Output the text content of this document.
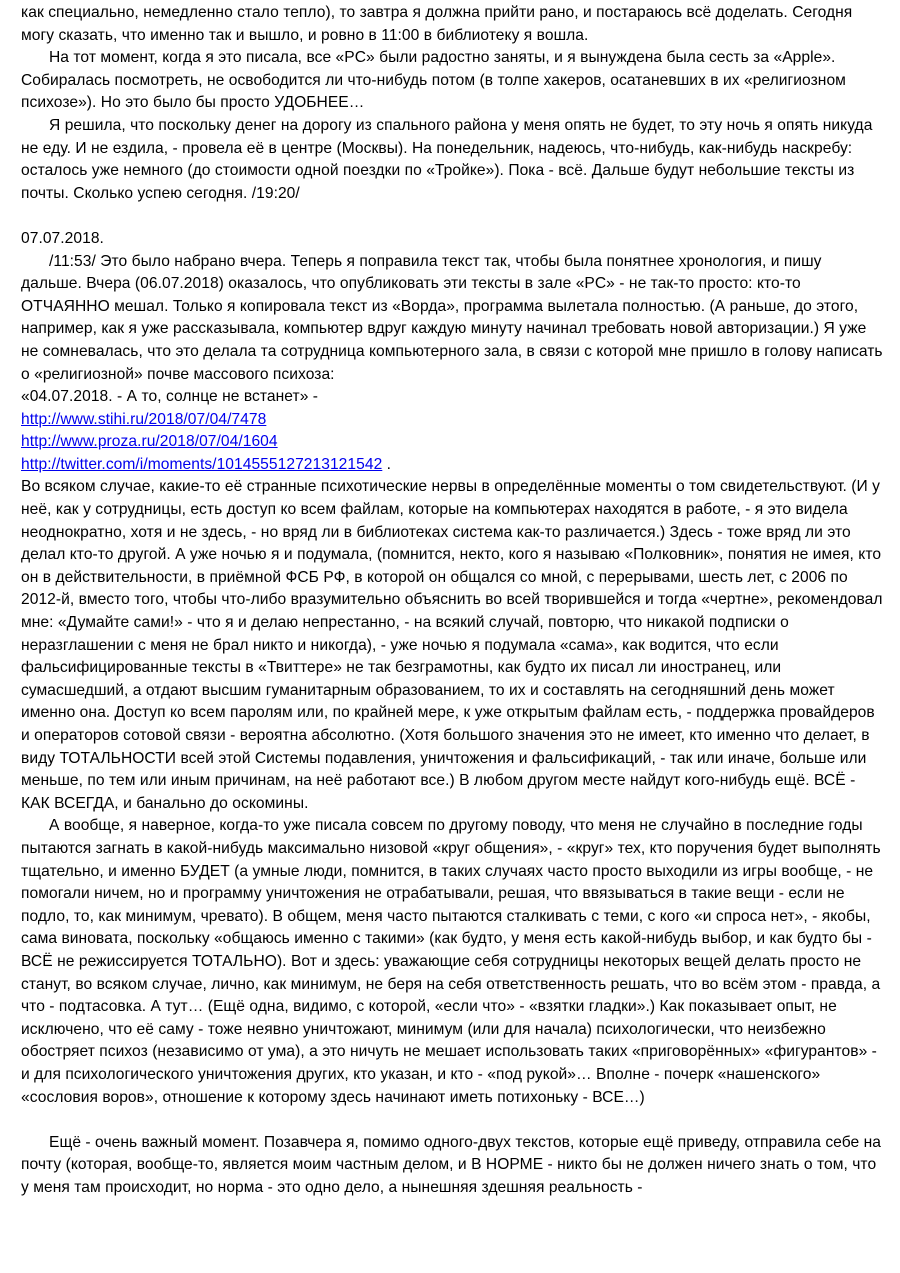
как специально, немедленно стало тепло), то завтра я должна прийти рано, и постараюсь всё доделать. Сегодня могу сказать, что именно так и вышло, и ровно в 11:00 в библиотеку я вошла.

На тот момент, когда я это писала, все «PC» были радостно заняты, и я вынуждена была сесть за «Apple». Собиралась посмотреть, не освободится ли что-нибудь потом (в толпе хакеров, осатаневших в их «религиозном психозе»). Но это было бы просто УДОБНЕЕ…

Я решила, что поскольку денег на дорогу из спального района у меня опять не будет, то эту ночь я опять никуда не еду. И не ездила, - провела её в центре (Москвы). На понедельник, надеюсь, что-нибудь, как-нибудь наскребу: осталось уже немного (до стоимости одной поездки по «Тройке»). Пока - всё. Дальше будут небольшие тексты из почты. Сколько успею сегодня. /19:20/

07.07.2018.

/11:53/ Это было набрано вчера. Теперь я поправила текст так, чтобы была понятнее хронология, и пишу дальше. Вчера (06.07.2018) оказалось, что опубликовать эти тексты в зале «PC» - не так-то просто: кто-то ОТЧАЯННО мешал. Только я копировала текст из «Ворда», программа вылетала полностью. (А раньше, до этого, например, как я уже рассказывала, компьютер вдруг каждую минуту начинал требовать новой авторизации.) Я уже не сомневалась, что это делала та сотрудница компьютерного зала, в связи с которой мне пришло в голову написать о «религиозной» почве массового психоза:

«04.07.2018. - А то, солнце не встанет» -

http://www.stihi.ru/2018/07/04/7478

http://www.proza.ru/2018/07/04/1604

http://twitter.com/i/moments/1014555127213121542 .

Во всяком случае, какие-то её странные психотические нервы в определённые моменты о том свидетельствуют. (И у неё, как у сотрудницы, есть доступ ко всем файлам, которые на компьютерах находятся в работе, - я это видела неоднократно, хотя и не здесь, - но вряд ли в библиотеках система как-то различается.) Здесь - тоже вряд ли это делал кто-то другой. А уже ночью я и подумала, (помнится, некто, кого я называю «Полковник», понятия не имея, кто он в действительности, в приёмной ФСБ РФ, в которой он общался со мной, с перерывами, шесть лет, с 2006 по 2012-й, вместо того, чтобы что-либо вразумительно объяснить во всей творившейся и тогда «чертне», рекомендовал мне: «Думайте сами!» - что я и делаю непрестанно, - на всякий случай, повторю, что никакой подписки о неразглашении с меня не брал никто и никогда), - уже ночью я подумала «сама», как водится, что если фальсифицированные тексты в «Твиттере» не так безграмотны, как будто их писал ли иностранец, или сумасшедший, а отдают высшим гуманитарным образованием, то их и составлять на сегодняшний день может именно она. Доступ ко всем паролям или, по крайней мере, к уже открытым файлам есть, - поддержка провайдеров и операторов сотовой связи - вероятна абсолютно. (Хотя большого значения это не имеет, кто именно что делает, в виду ТОТАЛЬНОСТИ всей этой Системы подавления, уничтожения и фальсификаций, - так или иначе, больше или меньше, по тем или иным причинам, на неё работают все.) В любом другом месте найдут кого-нибудь ещё. ВСЁ - КАК ВСЕГДА, и банально до оскомины.

А вообще, я наверное, когда-то уже писала совсем по другому поводу, что меня не случайно в последние годы пытаются загнать в какой-нибудь максимально низовой «круг общения», - «круг» тех, кто поручения будет выполнять тщательно, и именно БУДЕТ (а умные люди, помнится, в таких случаях часто просто выходили из игры вообще, - не помогали ничем, но и программу уничтожения не отрабатывали, решая, что ввязываться в такие вещи - если не подло, то, как минимум, чревато). В общем, меня часто пытаются сталкивать с теми, с кого «и спроса нет», - якобы, сама виновата, поскольку «общаюсь именно с такими» (как будто, у меня есть какой-нибудь выбор, и как будто бы - ВСЁ не режиссируется ТОТАЛЬНО). Вот и здесь: уважающие себя сотрудницы некоторых вещей делать просто не станут, во всяком случае, лично, как минимум, не беря на себя ответственность решать, что во всём этом - правда, а что - подтасовка. А тут… (Ещё одна, видимо, с которой, «если что» - «взятки гладки».) Как показывает опыт, не исключено, что её саму - тоже неявно уничтожают, минимум (или для начала) психологически, что неизбежно обостряет психоз (независимо от ума), а это ничуть не мешает использовать таких «приговорённых» «фигурантов» - и для психологического уничтожения других, кто указан, и кто - «под рукой»… Вполне - почерк «нашенского» «сословия воров», отношение к которому здесь начинают иметь потихоньку - ВСЕ…)

Ещё - очень важный момент. Позавчера я, помимо одного-двух текстов, которые ещё приведу, отправила себе на почту (которая, вообще-то, является моим частным делом, и В НОРМЕ - никто бы не должен ничего знать о том, что у меня там происходит, но норма - это одно дело, а нынешняя здешняя реальность -
